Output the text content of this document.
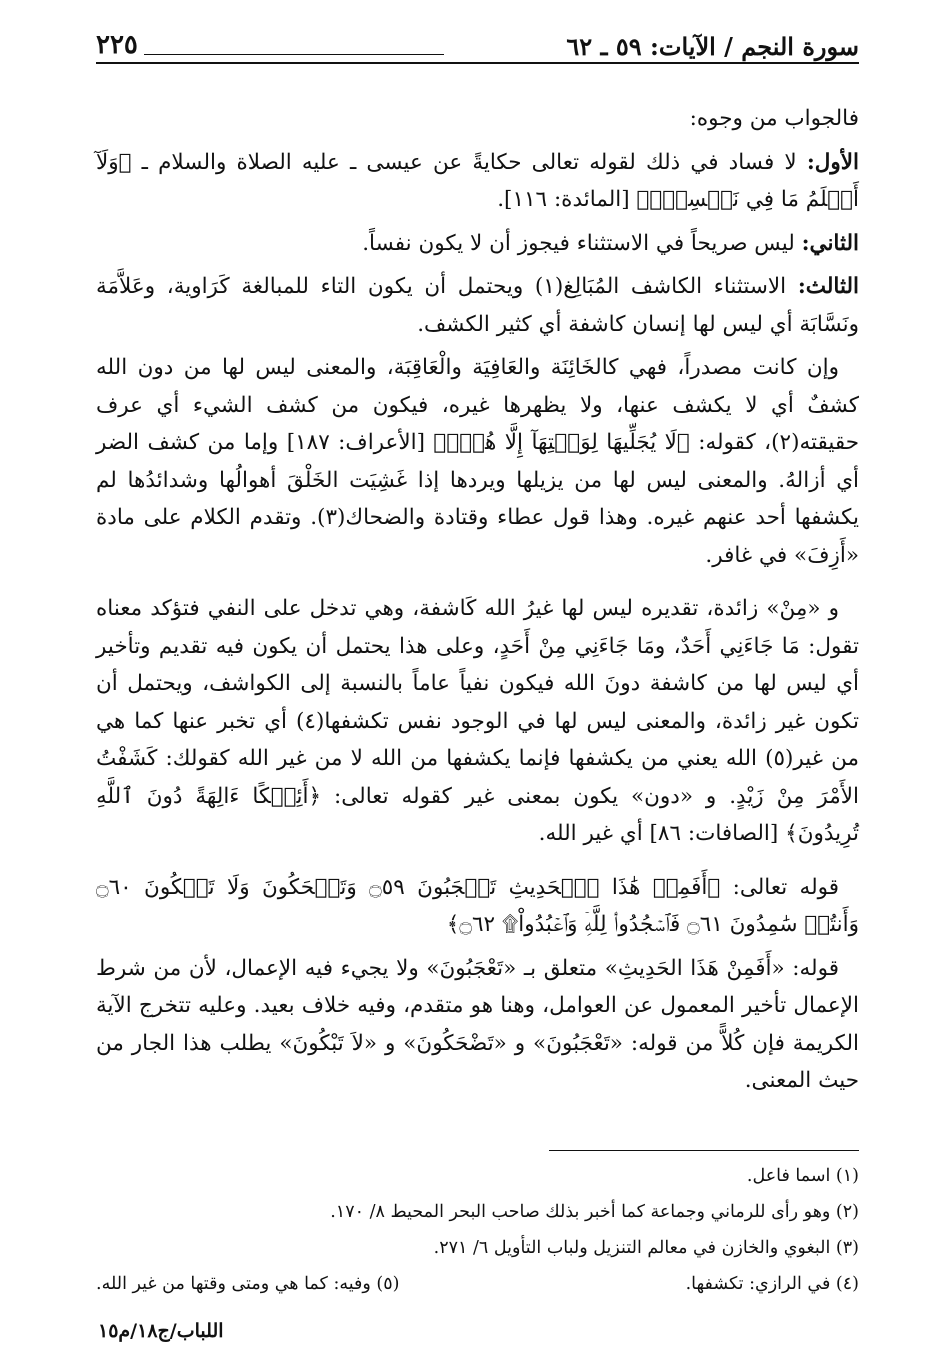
سورة النجم / الآيات: ٥٩ ـ ٦٢
٢٢٥

فالجواب من وجوه:

الأول: لا فساد في ذلك لقوله تعالى حكايةً عن عيسى ـ عليه الصلاة والسلام ـ ﴿وَلَآ أَعۡلَمُ مَا فِي نَفۡسِكَۚ﴾ [المائدة: ١١٦].

الثاني: ليس صريحاً في الاستثناء فيجوز أن لا يكون نفساً.

الثالث: الاستثناء الكاشف المُبَالِغ(١) ويحتمل أن يكون التاء للمبالغة كَرَاوية، وعَلاَّمَة ونَسَّابَة أي ليس لها إنسان كاشفة أي كثير الكشف.

وإن كانت مصدراً، فهي كالخَائِنَة والعَافِيَة والْعَاقِبَة، والمعنى ليس لها من دون الله كشفٌ أي لا يكشف عنها، ولا يظهرها غيره، فيكون من كشف الشيء أي عرف حقيقته(٢)، كقوله: ﴿لَا يُجَلِّيهَا لِوَقۡتِهَآ إِلَّا هُوَۚ﴾ [الأعراف: ١٨٧] وإما من كشف الضر أي أزالهُ. والمعنى ليس لها من يزيلها ويردها إذا غَشِيَت الخَلْقَ أهوالُها وشدائدُها لم يكشفها أحد عنهم غيره. وهذا قول عطاء وقتادة والضحاك(٣). وتقدم الكلام على مادة «أَزِفَ» في غافر.

و «مِنْ» زائدة، تقديره ليس لها غيرُ الله كَاشفة، وهي تدخل على النفي فتؤكد معناه تقول: مَا جَاءَنِي أَحَدٌ، ومَا جَاءَنِي مِنْ أَحَدٍ، وعلى هذا يحتمل أن يكون فيه تقديم وتأخير أي ليس لها من كاشفة دونَ الله فيكون نفياً عاماً بالنسبة إلى الكواشف، ويحتمل أن تكون غير زائدة، والمعنى ليس لها في الوجود نفس تكشفها(٤) أي تخبر عنها كما هي من غير(٥) الله يعني من يكشفها فإنما يكشفها من الله لا من غير الله كقولك: كَشَفْتُ الأَمْرَ مِنْ زَيْدٍ. و «دون» يكون بمعنى غير كقوله تعالى: ﴿أَئِفۡكًا ءَالِهَةً دُونَ ٱللَّهِ تُرِيدُونَ﴾ [الصافات: ٨٦] أي غير الله.

قوله تعالى: ﴿أَفَمِنۡ هَٰذَا ٱلۡحَدِيثِ تَعۡجَبُونَ ۝٥٩ وَتَضۡحَكُونَ وَلَا تَبۡكُونَ ۝٦٠ وَأَنتُمۡ سَٰمِدُونَ ۝٦١ فَٱسۡجُدُواْۤ لِلَّهِۤ وَٱعۡبُدُواْ۩ ۝٦٢﴾

قوله: «أَفَمِنْ هَذَا الحَدِيثِ» متعلق بـ «تَعْجَبُونَ» ولا يجيء فيه الإعمال، لأن من شرط الإعمال تأخير المعمول عن العوامل، وهنا هو متقدم، وفيه خلاف بعيد. وعليه تتخرج الآية الكريمة فإن كُلاًّ من قوله: «تَعْجَبُونَ» و «تَضْحَكُونَ» و «لاَ تَبْكُونَ» يطلب هذا الجار من حيث المعنى.

(١) اسما فاعل.
(٢) وهو رأى للرماني وجماعة كما أخبر بذلك صاحب البحر المحيط ٨/ ١٧٠.
(٣) البغوي والخازن في معالم التنزيل ولباب التأويل ٦/ ٢٧١.
(٤) في الرازي: تكشفها.
(٥) وفيه: كما هي ومتى وقتها من غير الله.
اللباب/ج١٨/م١٥
